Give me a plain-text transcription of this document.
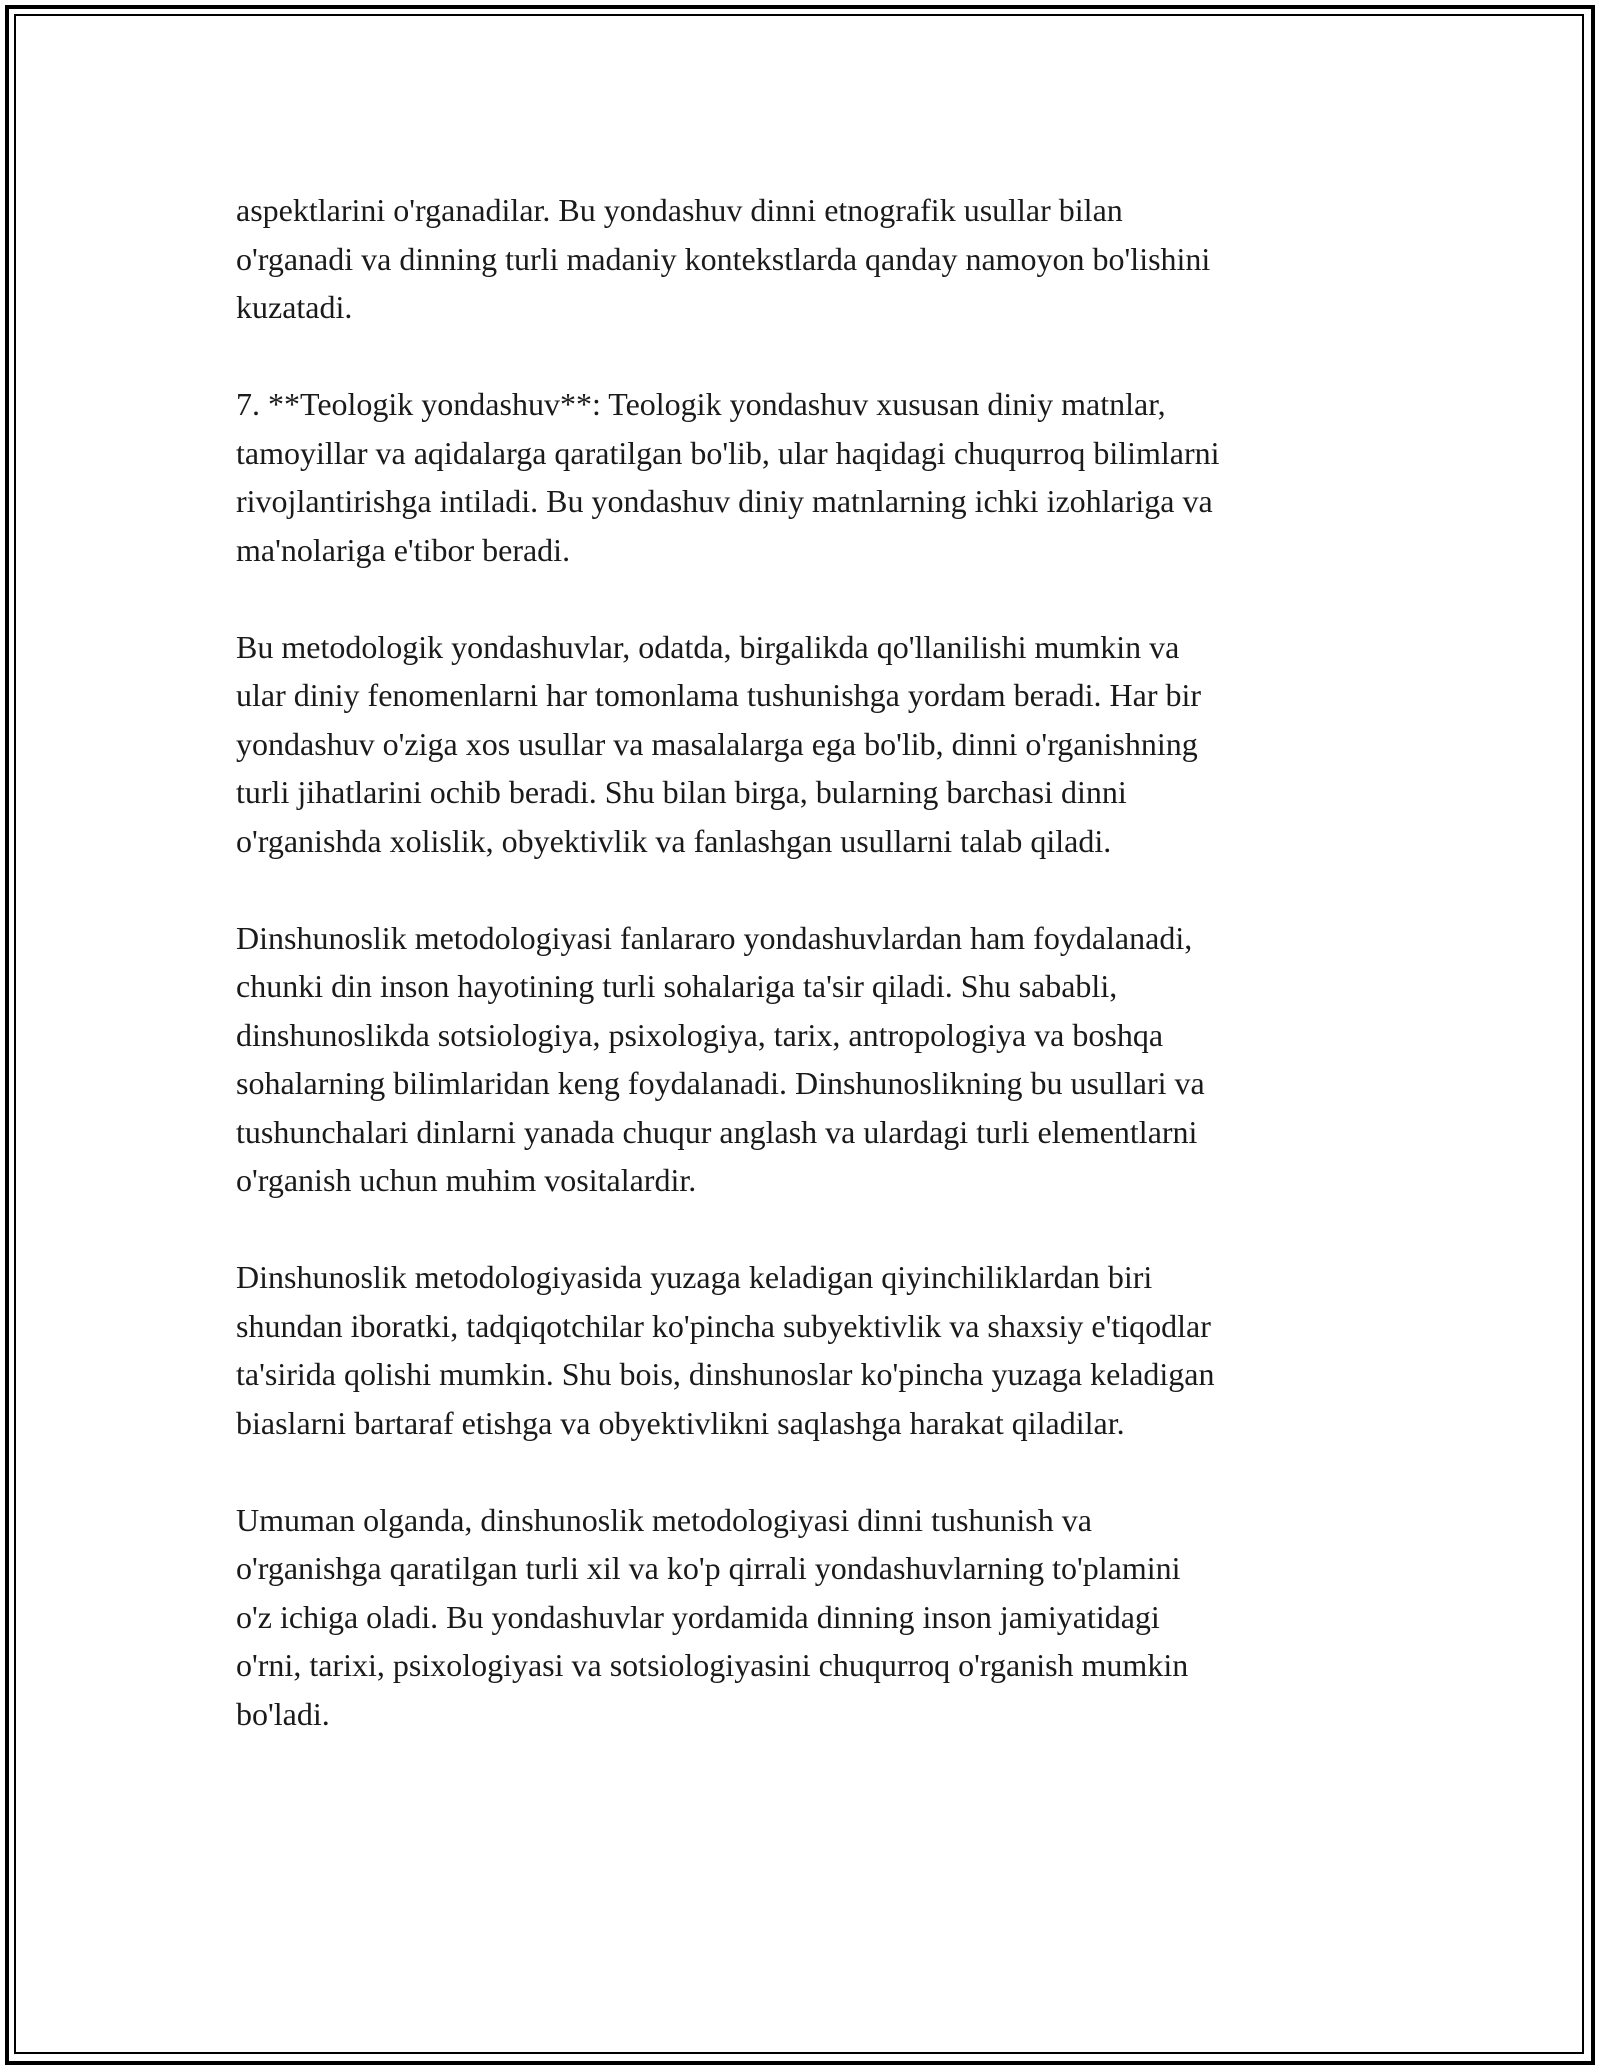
aspektlarini o'rganadilar. Bu yondashuv dinni etnografik usullar bilan
o'rganadi va dinning turli madaniy kontekstlarda qanday namoyon bo'lishini
kuzatadi.

7. **Teologik yondashuv**: Teologik yondashuv xususan diniy matnlar,
tamoyillar va aqidalarga qaratilgan bo'lib, ular haqidagi chuqurroq bilimlarni
rivojlantirishga intiladi. Bu yondashuv diniy matnlarning ichki izohlariga va
ma'nolariga e'tibor beradi.

Bu metodologik yondashuvlar, odatda, birgalikda qo'llanilishi mumkin va
ular diniy fenomenlarni har tomonlama tushunishga yordam beradi. Har bir
yondashuv o'ziga xos usullar va masalalarga ega bo'lib, dinni o'rganishning
turli jihatlarini ochib beradi. Shu bilan birga, bularning barchasi dinni
o'rganishda xolislik, obyektivlik va fanlashgan usullarni talab qiladi.

Dinshunoslik metodologiyasi fanlararo yondashuvlardan ham foydalanadi,
chunki din inson hayotining turli sohalariga ta'sir qiladi. Shu sababli,
dinshunoslikda sotsiologiya, psixologiya, tarix, antropologiya va boshqa
sohalarning bilimlaridan keng foydalanadi. Dinshunoslikning bu usullari va
tushunchalari dinlarni yanada chuqur anglash va ulardagi turli elementlarni
o'rganish uchun muhim vositalardir.

Dinshunoslik metodologiyasida yuzaga keladigan qiyinchiliklardan biri
shundan iboratki, tadqiqotchilar ko'pincha subyektivlik va shaxsiy e'tiqodlar
ta'sirida qolishi mumkin. Shu bois, dinshunoslar ko'pincha yuzaga keladigan
biaslarni bartaraf etishga va obyektivlikni saqlashga harakat qiladilar.

Umuman olganda, dinshunoslik metodologiyasi dinni tushunish va
o'rganishga qaratilgan turli xil va ko'p qirrali yondashuvlarning to'plamini
o'z ichiga oladi. Bu yondashuvlar yordamida dinning inson jamiyatidagi
o'rni, tarixi, psixologiyasi va sotsiologiyasini chuqurroq o'rganish mumkin
bo'ladi.
